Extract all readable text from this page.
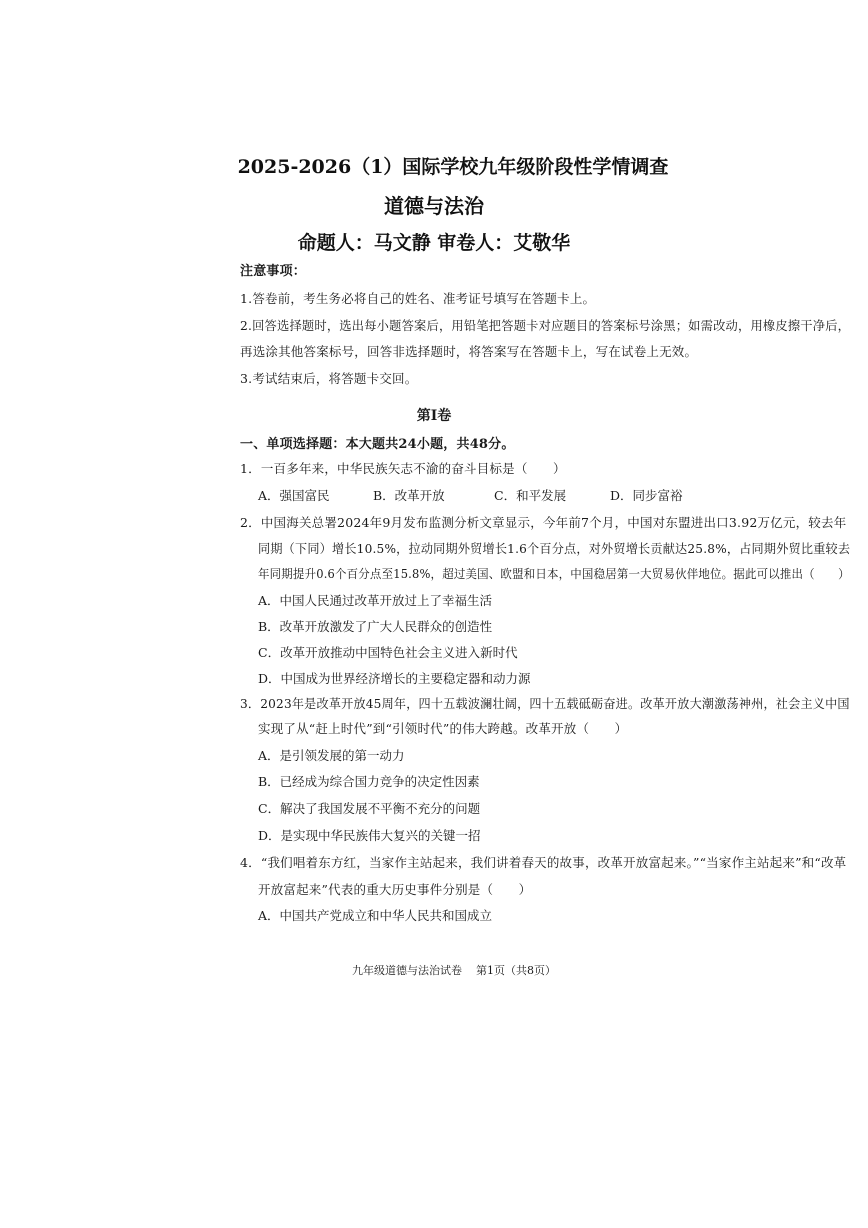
2025-2026（1）国际学校九年级阶段性学情调查
道德与法治
命题人：马文静 审卷人：艾敬华
注意事项：
1.答卷前，考生务必将自己的姓名、准考证号填写在答题卡上。
2.回答选择题时，选出每小题答案后，用铅笔把答题卡对应题目的答案标号涂黑；如需改动，用橡皮擦干净后，
再选涂其他答案标号，回答非选择题时，将答案写在答题卡上，写在试卷上无效。
3.考试结束后，将答题卡交回。
第Ⅰ卷
一、单项选择题：本大题共24小题，共48分。
1．一百多年来，中华民族矢志不渝的奋斗目标是（　　）
A．强国富民	B．改革开放	C．和平发展	D．同步富裕
2．中国海关总署2024年9月发布监测分析文章显示，今年前7个月，中国对东盟进出口3.92万亿元，较去年
同期（下同）增长10.5%，拉动同期外贸增长1.6个百分点，对外贸增长贡献达25.8%，占同期外贸比重较去
年同期提升0.6个百分点至15.8%，超过美国、欧盟和日本，中国稳居第一大贸易伙伴地位。据此可以推出（　　）
A．中国人民通过改革开放过上了幸福生活
B．改革开放激发了广大人民群众的创造性
C．改革开放推动中国特色社会主义进入新时代
D．中国成为世界经济增长的主要稳定器和动力源
3．2023年是改革开放45周年，四十五载波澜壮阔，四十五载砥砺奋进。改革开放大潮激荡神州，社会主义中国
实现了从“赶上时代”到“引领时代”的伟大跨越。改革开放（　　）
A．是引领发展的第一动力
B．已经成为综合国力竞争的决定性因素
C．解决了我国发展不平衡不充分的问题
D．是实现中华民族伟大复兴的关键一招
4．“我们唱着东方红，当家作主站起来，我们讲着春天的故事，改革开放富起来。”“当家作主站起来”和“改革
开放富起来”代表的重大历史事件分别是（　　）
A．中国共产党成立和中华人民共和国成立
九年级道德与法治试卷    第1页（共8页）
